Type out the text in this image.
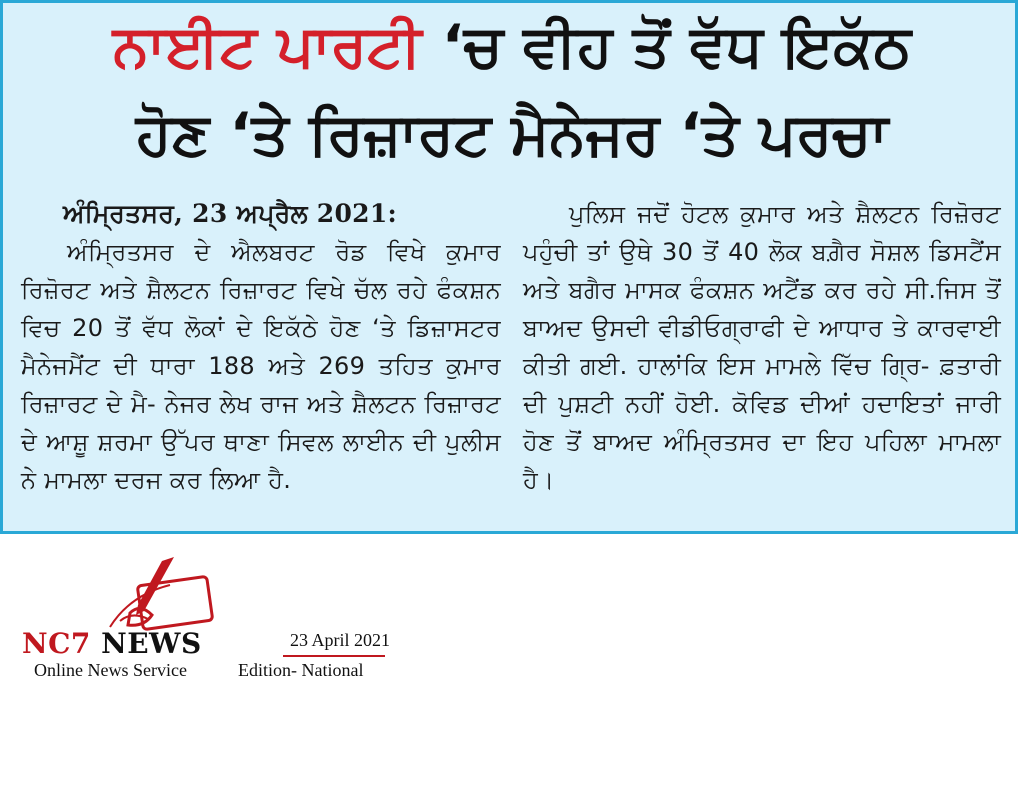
ਨਾਈਟ ਪਾਰਟੀ ‘ਚ ਵੀਹ ਤੋਂ ਵੱਧ ਇਕੱਠ
ਹੋਣ ‘ਤੇ ਰਿਜ਼ਾਰਟ ਮੈਨੇਜਰ ‘ਤੇ ਪਰਚਾ
ਅੰਮ੍ਰਿਤਸਰ, 23 ਅਪ੍ਰੈਲ 2021:
ਅੰਮ੍ਰਿਤਸਰ ਦੇ ਐਲਬਰਟ ਰੋਡ ਵਿਖੇ ਕੁਮਾਰ ਰਿਜ਼ੋਰਟ ਅਤੇ ਸ਼ੈਲਟਨ ਰਿਜ਼ਾਰਟ ਵਿਖੇ ਚੱਲ ਰਹੇ ਫੰਕਸ਼ਨ ਵਿਚ 20 ਤੋਂ ਵੱਧ ਲੋਕਾਂ ਦੇ ਇਕੱਠੇ ਹੋਣ ‘ਤੇ ਡਿਜ਼ਾਸਟਰ ਮੈਨੇਜਮੈਂਟ ਦੀ ਧਾਰਾ 188 ਅਤੇ 269 ਤਹਿਤ ਕੁਮਾਰ ਰਿਜ਼ਾਰਟ ਦੇ ਮੈ- ਨੇਜਰ ਲੇਖ ਰਾਜ ਅਤੇ ਸ਼ੈਲਟਨ ਰਿਜ਼ਾਰਟ ਦੇ ਆਸ਼ੂ ਸ਼ਰਮਾ ਉੱਪਰ ਥਾਣਾ ਸਿਵਲ ਲਾਈਨ ਦੀ ਪੁਲੀਸ ਨੇ ਮਾਮਲਾ ਦਰਜ ਕਰ ਲਿਆ ਹੈ.
ਪੁਲਿਸ ਜਦੋਂ ਹੋਟਲ ਕੁਮਾਰ ਅਤੇ ਸ਼ੈਲਟਨ ਰਿਜ਼ੋਰਟ ਪਹੁੰਚੀ ਤਾਂ ਉਥੇ 30 ਤੋਂ 40 ਲੋਕ ਬਗ਼ੈਰ ਸੋਸ਼ਲ ਡਿਸਟੈਂਸ ਅਤੇ ਬਗੈਰ ਮਾਸਕ ਫੰਕਸ਼ਨ ਅਟੈਂਡ ਕਰ ਰਹੇ ਸੀ.ਜਿਸ ਤੋਂ ਬਾਅਦ ਉਸਦੀ ਵੀਡੀਓਗ੍ਰਾਫੀ ਦੇ ਆਧਾਰ ਤੇ ਕਾਰਵਾਈ ਕੀਤੀ ਗਈ. ਹਾਲਾਂਕਿ ਇਸ ਮਾਮਲੇ ਵਿੱਚ ਗ੍ਰਿ- ਫ਼ਤਾਰੀ ਦੀ ਪੁਸ਼ਟੀ ਨਹੀਂ ਹੋਈ. ਕੋਵਿਡ ਦੀਆਂ ਹਦਾਇਤਾਂ ਜਾਰੀ ਹੋਣ ਤੋਂ ਬਾਅਦ ਅੰਮ੍ਰਿਤਸਰ ਦਾ ਇਹ ਪਹਿਲਾ ਮਾਮਲਾ ਹੈ।
NC7 NEWS
Online News Service
23 April 2021
Edition- National
